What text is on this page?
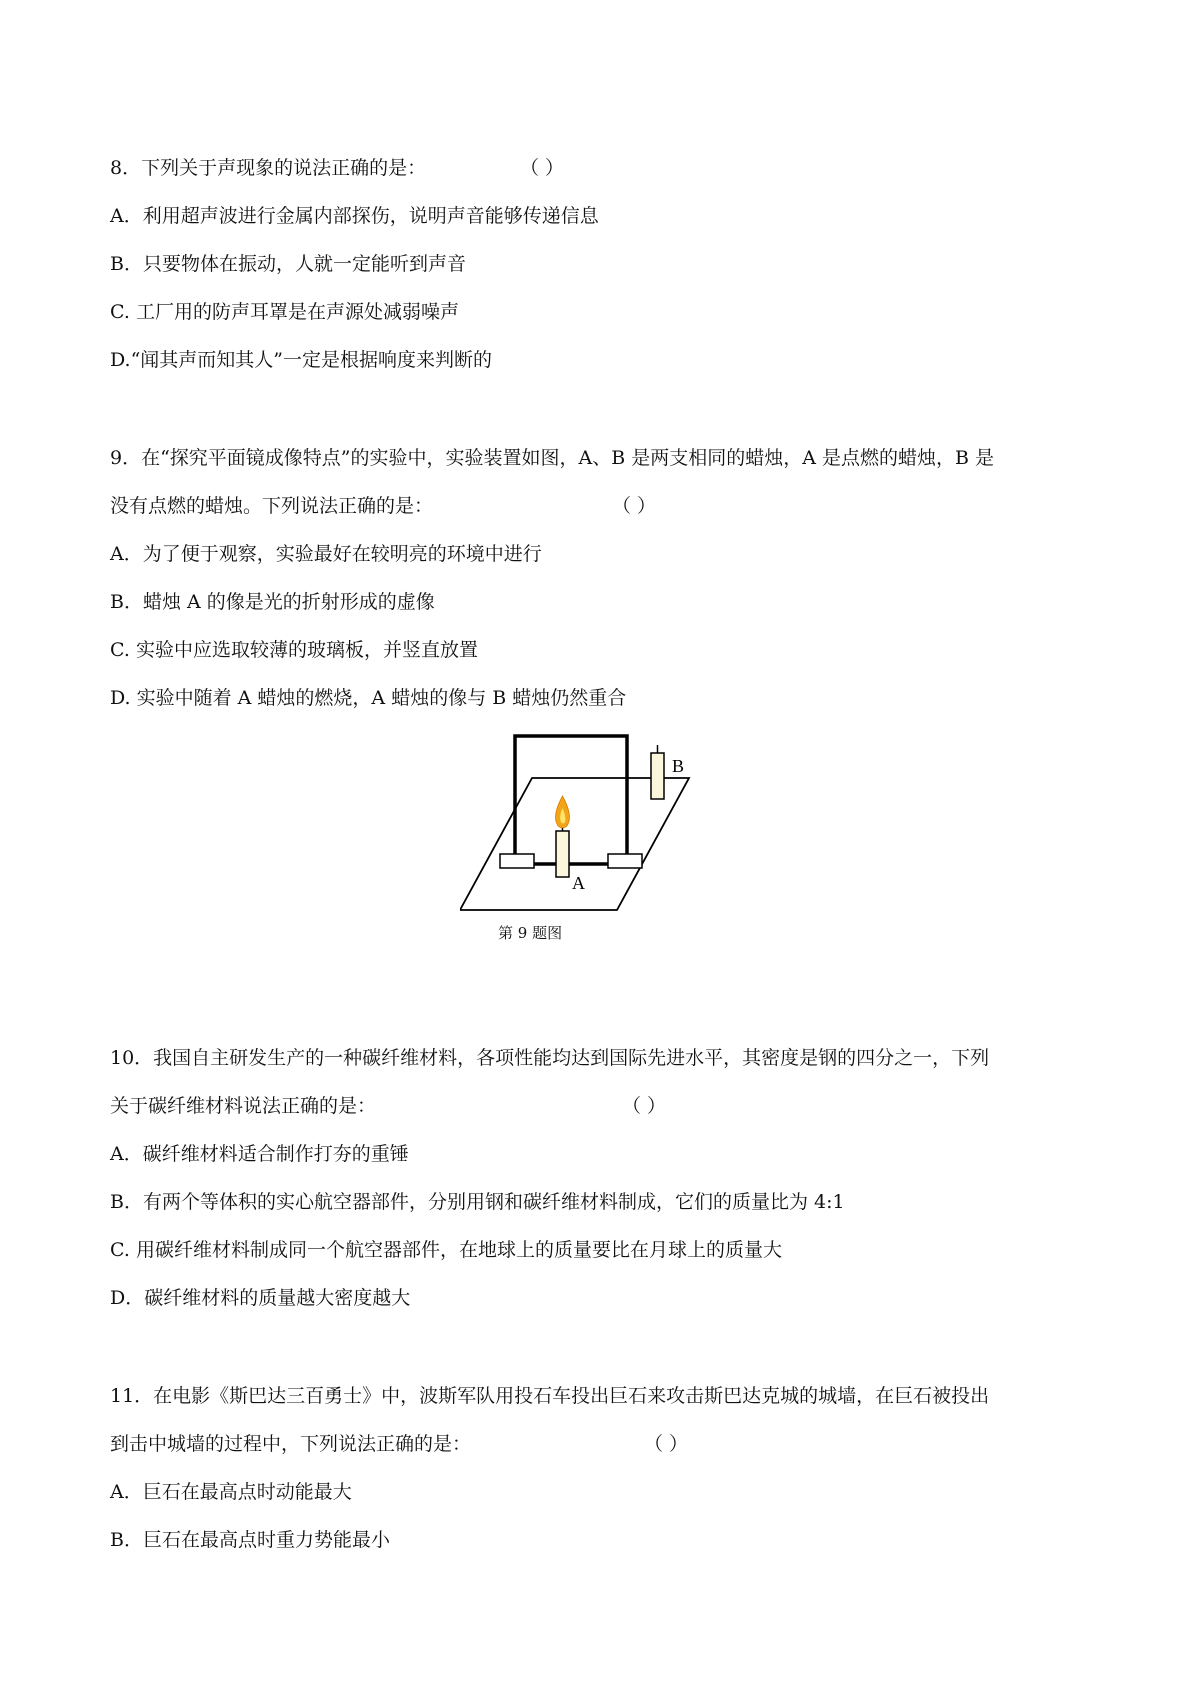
8．下列关于声现象的说法正确的是：	（ ）
A．利用超声波进行金属内部探伤，说明声音能够传递信息
B．只要物体在振动，人就一定能听到声音
C. 工厂用的防声耳罩是在声源处减弱噪声
D.“闻其声而知其人”一定是根据响度来判断的
9．在“探究平面镜成像特点”的实验中，实验装置如图，A、B 是两支相同的蜡烛，A 是点燃的蜡烛，B 是
没有点燃的蜡烛。下列说法正确的是：	（ ）
A．为了便于观察，实验最好在较明亮的环境中进行
B．蜡烛 A 的像是光的折射形成的虚像
C. 实验中应选取较薄的玻璃板，并竖直放置
D. 实验中随着 A 蜡烛的燃烧，A 蜡烛的像与 B 蜡烛仍然重合
A
B
第 9 题图
10．我国自主研发生产的一种碳纤维材料，各项性能均达到国际先进水平，其密度是钢的四分之一，下列
关于碳纤维材料说法正确的是：	（ ）
A．碳纤维材料适合制作打夯的重锤
B．有两个等体积的实心航空器部件，分别用钢和碳纤维材料制成，它们的质量比为 4:1
C. 用碳纤维材料制成同一个航空器部件，在地球上的质量要比在月球上的质量大
D．碳纤维材料的质量越大密度越大
11．在电影《斯巴达三百勇士》中，波斯军队用投石车投出巨石来攻击斯巴达克城的城墙，在巨石被投出
到击中城墙的过程中，下列说法正确的是：	（ ）
A．巨石在最高点时动能最大
B．巨石在最高点时重力势能最小
